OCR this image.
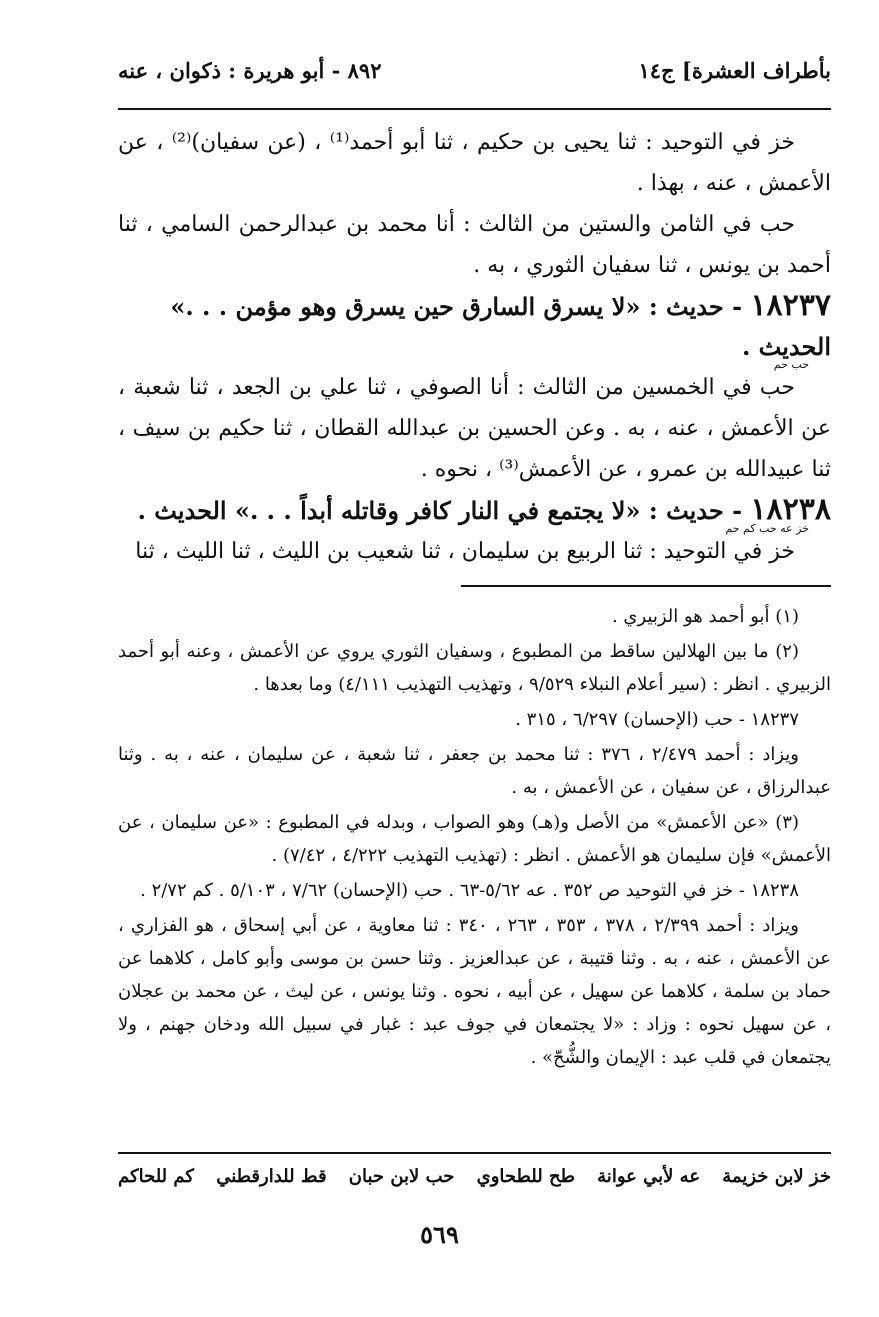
بأطراف العشرة] ج١٤
٨٩٢ - أبو هريرة : ذكوان ، عنه

خز في التوحيد : ثنا يحيى بن حكيم ، ثنا أبو أحمد⁽¹⁾ ، (عن سفيان)⁽²⁾ ، عن الأعمش ، عنه ، بهذا .

حب في الثامن والستين من الثالث : أنا محمد بن عبدالرحمن السامي ، ثنا أحمد بن يونس ، ثنا سفيان الثوري ، به .

١٨٢٣٧ - حديث : «لا يسرق السارق حين يسرق وهو مؤمن . . .» الحديث .
حب حم

حب في الخمسين من الثالث : أنا الصوفي ، ثنا علي بن الجعد ، ثنا شعبة ، عن الأعمش ، عنه ، به . وعن الحسين بن عبدالله القطان ، ثنا حكيم بن سيف ، ثنا عبيدالله بن عمرو ، عن الأعمش⁽³⁾ ، نحوه .

١٨٢٣٨ - حديث : «لا يجتمع في النار كافر وقاتله أبداً . . .» الحديث .
خز عه حب كم حم

خز في التوحيد : ثنا الربيع بن سليمان ، ثنا شعيب بن الليث ، ثنا الليث ، ثنا

(١) أبو أحمد هو الزبيري .

(٢) ما بين الهلالين ساقط من المطبوع ، وسفيان الثوري يروي عن الأعمش ، وعنه أبو أحمد الزبيري . انظر : (سير أعلام النبلاء ٩/٥٢٩ ، وتهذيب التهذيب ٤/١١١) وما بعدها .

١٨٢٣٧ - حب (الإحسان) ٦/٢٩٧ ، ٣١٥ .

ويزاد : أحمد ٢/٤٧٩ ، ٣٧٦ : ثنا محمد بن جعفر ، ثنا شعبة ، عن سليمان ، عنه ، به . وثنا عبدالرزاق ، عن سفيان ، عن الأعمش ، به .

(٣) «عن الأعمش» من الأصل و(هـ) وهو الصواب ، وبدله في المطبوع : «عن سليمان ، عن الأعمش» فإن سليمان هو الأعمش . انظر : (تهذيب التهذيب ٤/٢٢٢ ، ٧/٤٢) .

١٨٢٣٨ - خز في التوحيد ص ٣٥٢ . عه ٥/٦٢-٦٣ . حب (الإحسان) ٧/٦٢ ، ٥/١٠٣ . كم ٢/٧٢ .

ويزاد : أحمد ٢/٣٩٩ ، ٣٧٨ ، ٣٥٣ ، ٢٦٣ ، ٣٤٠ : ثنا معاوية ، عن أبي إسحاق ، هو الفزاري ، عن الأعمش ، عنه ، به . وثنا قتيبة ، عن عبدالعزيز . وثنا حسن بن موسى وأبو كامل ، كلاهما عن حماد بن سلمة ، كلاهما عن سهيل ، عن أبيه ، نحوه . وثنا يونس ، عن ليث ، عن محمد بن عجلان ، عن سهيل نحوه : وزاد : «لا يجتمعان في جوف عبد : غبار في سبيل الله ودخان جهنم ، ولا يجتمعان في قلب عبد : الإيمان والشُّحّ» .

خز لابن خزيمة
عه لأبي عوانة
طح للطحاوي
حب لابن حبان
قط للدارقطني
كم للحاكم
٥٦٩
